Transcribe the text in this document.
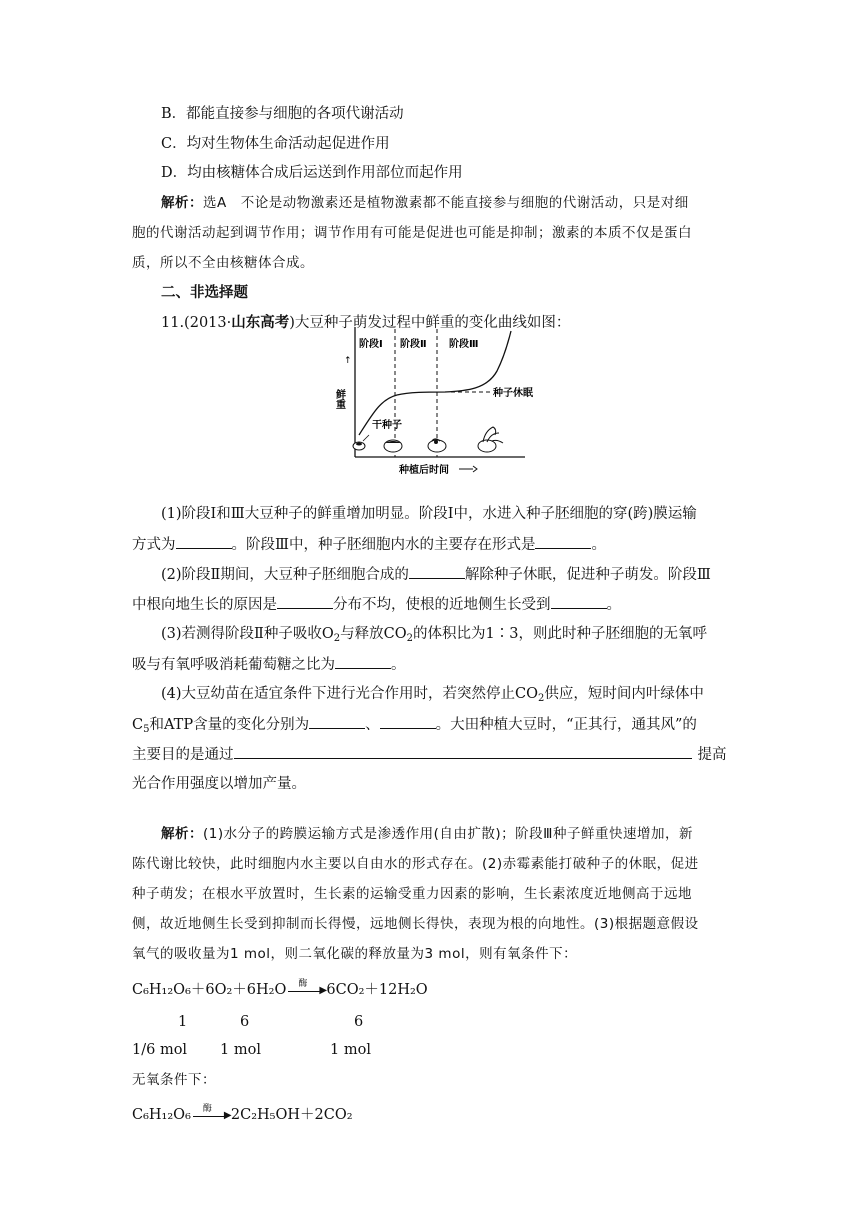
B．都能直接参与细胞的各项代谢活动
C．均对生物体生命活动起促进作用
D．均由核糖体合成后运送到作用部位而起作用
解析：选A　不论是动物激素还是植物激素都不能直接参与细胞的代谢活动，只是对细
胞的代谢活动起到调节作用；调节作用有可能是促进也可能是抑制；激素的本质不仅是蛋白
质，所以不全由核糖体合成。
二、非选择题
11.(2013·山东高考)大豆种子萌发过程中鲜重的变化曲线如图：
↑
鲜重
阶段Ⅰ 阶段Ⅱ 阶段Ⅲ
种子休眠
干种子
种植后时间
(1)阶段Ⅰ和Ⅲ大豆种子的鲜重增加明显。阶段Ⅰ中，水进入种子胚细胞的穿(跨)膜运输
方式为	。阶段Ⅲ中，种子胚细胞内水的主要存在形式是	。
(2)阶段Ⅱ期间，大豆种子胚细胞合成的	解除种子休眠，促进种子萌发。阶段Ⅲ
中根向地生长的原因是	分布不均，使根的近地侧生长受到	。
(3)若测得阶段Ⅱ种子吸收$O_2$与释放$CO_2$的体积比为1∶3，则此时种子胚细胞的无氧呼
吸与有氧呼吸消耗葡萄糖之比为	。
(4)大豆幼苗在适宜条件下进行光合作用时，若突然停止$CO_2$供应，短时间内叶绿体中
$C_5$和ATP含量的变化分别为	、	。大田种植大豆时，“正其行，通其风”的
主要目的是通过	提高
光合作用强度以增加产量。
解析：(1)水分子的跨膜运输方式是渗透作用(自由扩散)；阶段Ⅲ种子鲜重快速增加，新
陈代谢比较快，此时细胞内水主要以自由水的形式存在。(2)赤霉素能打破种子的休眠，促进
种子萌发；在根水平放置时，生长素的运输受重力因素的影响，生长素浓度近地侧高于远地
侧，故近地侧生长受到抑制而长得慢，远地侧长得快，表现为根的向地性。(3)根据题意假设
氧气的吸收量为1 mol，则二氧化碳的释放量为3 mol，则有氧条件下：
C₆H₁₂O₆＋6O₂＋6H₂O 酶
▶ 6CO₂＋12H₂O
1	6	6
1/6 mol 1 mol	1 mol
无氧条件下：
C₆H₁₂O₆ 酶
▶ 2C₂H₅OH＋2CO₂
